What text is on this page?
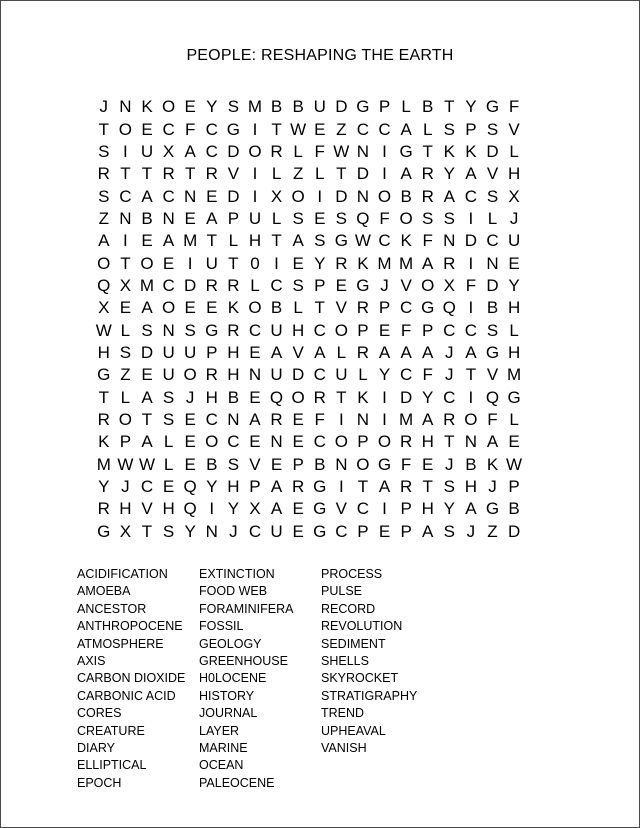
PEOPLE: RESHAPING THE EARTH
J N K O E Y S M B B U D G P L B T Y G F
T O E C F C G I T W E Z C C A L S P S V
S I U X A C D O R L F W N I G T K K D L
R T T R T R V I L Z L T D I A R Y A V H
S C A C N E D I X O I D N O B R A C S X
Z N B N E A P U L S E S Q F O S S I L J
A I E A M T L H T A S G W C K F N D C U
O T O E I U T 0 I E Y R K M M A R I N E
Q X M C D R R L C S P E G J V O X F D Y
X E A O E E K O B L T V R P C G Q I B H
W L S N S G R C U H C O P E F P C C S L
H S D U U P H E A V A L R A A A J A G H
G Z E U O R H N U D C U L Y C F J T V M
T L A S J H B E Q O R T K I D Y C I Q G
R O T S E C N A R E F I N I M A R O F L
K P A L E O C E N E C O P O R H T N A E
M W W L E B S V E P B N O G F E J B K W
Y J C E Q Y H P A R G I T A R T S H J P
R H V H Q I Y X A E G V C I P H Y A G B
G X T S Y N J C U E G C P E P A S J Z D
ACIDIFICATION
AMOEBA
ANCESTOR
ANTHROPOCENE
ATMOSPHERE
AXIS
CARBON DIOXIDE
CARBONIC ACID
CORES
CREATURE
DIARY
ELLIPTICAL
EPOCH
EXTINCTION
FOOD WEB
FORAMINIFERA
FOSSIL
GEOLOGY
GREENHOUSE
H0LOCENE
HISTORY
JOURNAL
LAYER
MARINE
OCEAN
PALEOCENE
PROCESS
PULSE
RECORD
REVOLUTION
SEDIMENT
SHELLS
SKYROCKET
STRATIGRAPHY
TREND
UPHEAVAL
VANISH
